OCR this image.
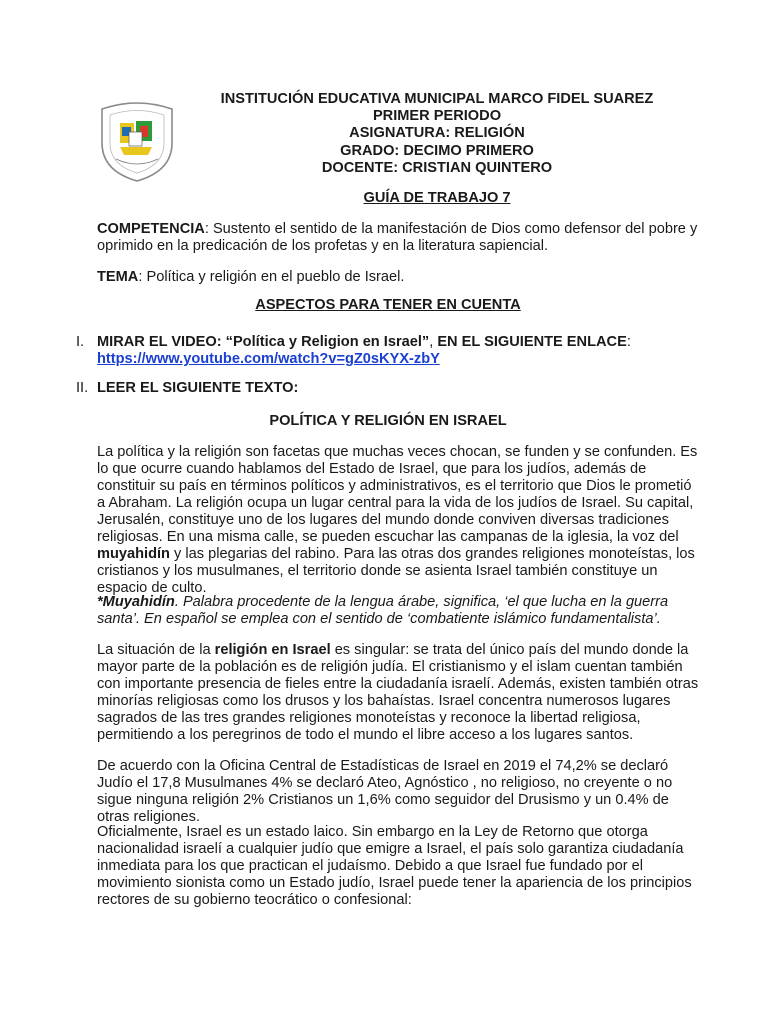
INSTITUCIÓN EDUCATIVA MUNICIPAL MARCO FIDEL SUAREZ
PRIMER PERIODO
ASIGNATURA: RELIGIÓN
GRADO: DECIMO PRIMERO
DOCENTE: CRISTIAN QUINTERO
GUÍA DE TRABAJO 7
COMPETENCIA: Sustento el sentido de la manifestación de Dios como defensor del pobre y oprimido en la predicación de los profetas y en la literatura sapiencial.
TEMA: Política y religión en el pueblo de Israel.
ASPECTOS PARA TENER EN CUENTA
I. MIRAR EL VIDEO: “Política y Religion en Israel”, EN EL SIGUIENTE ENLACE:
https://www.youtube.com/watch?v=gZ0sKYX-zbY
II. LEER EL SIGUIENTE TEXTO:
POLÍTICA Y RELIGIÓN EN ISRAEL
La política y la religión son facetas que muchas veces chocan, se funden y se confunden. Es lo que ocurre cuando hablamos del Estado de Israel, que para los judíos, además de constituir su país en términos políticos y administrativos, es el territorio que Dios le prometió a Abraham. La religión ocupa un lugar central para la vida de los judíos de Israel. Su capital, Jerusalén, constituye uno de los lugares del mundo donde conviven diversas tradiciones religiosas. En una misma calle, se pueden escuchar las campanas de la iglesia, la voz del muyahidín y las plegarias del rabino. Para las otras dos grandes religiones monoteístas, los cristianos y los musulmanes, el territorio donde se asienta Israel también constituye un espacio de culto.
*Muyahidín. Palabra procedente de la lengua árabe, significa, ‘el que lucha en la guerra santa’. En español se emplea con el sentido de ‘combatiente islámico fundamentalista’.
La situación de la religión en Israel es singular: se trata del único país del mundo donde la mayor parte de la población es de religión judía. El cristianismo y el islam cuentan también con importante presencia de fieles entre la ciudadanía israelí. Además, existen también otras minorías religiosas como los drusos y los bahaístas. Israel concentra numerosos lugares sagrados de las tres grandes religiones monoteístas y reconoce la libertad religiosa, permitiendo a los peregrinos de todo el mundo el libre acceso a los lugares santos.
De acuerdo con la Oficina Central de Estadísticas de Israel en 2019 el 74,2% se declaró Judío el 17,8 Musulmanes 4% se declaró Ateo, Agnóstico , no religioso, no creyente o no sigue ninguna religión 2% Cristianos un 1,6% como seguidor del Drusismo y un 0.4% de otras religiones.
Oficialmente, Israel es un estado laico. Sin embargo en la Ley de Retorno que otorga nacionalidad israelí a cualquier judío que emigre a Israel, el país solo garantiza ciudadanía inmediata para los que practican el judaísmo. Debido a que Israel fue fundado por el movimiento sionista como un Estado judío, Israel puede tener la apariencia de los principios rectores de su gobierno teocrático o confesional:
